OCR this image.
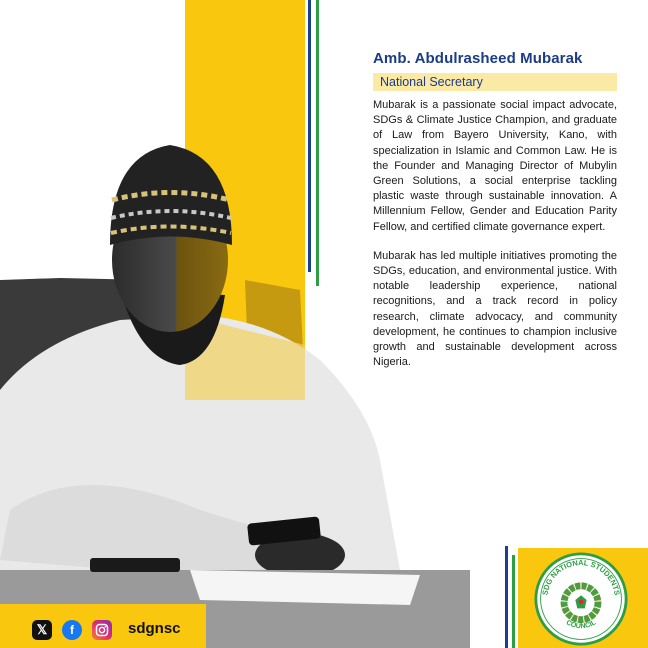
Amb. Abdulrasheed Mubarak
National Secretary

Mubarak is a passionate social impact advocate, SDGs & Climate Justice Champion, and graduate of Law from Bayero University, Kano, with specialization in Islamic and Common Law. He is the Founder and Managing Director of Mubylin Green Solutions, a social enterprise tackling plastic waste through sustainable innovation. A Millennium Fellow, Gender and Education Parity Fellow, and certified climate governance expert.

Mubarak has led multiple initiatives promoting the SDGs, education, and environmental justice. With notable leadership experience, national recognitions, and a track record in policy research, climate advocacy, and community development, he continues to champion inclusive growth and sustainable development across Nigeria.

𝕏	f	sdgnsc
SDG NATIONAL STUDENTS
COUNCIL
